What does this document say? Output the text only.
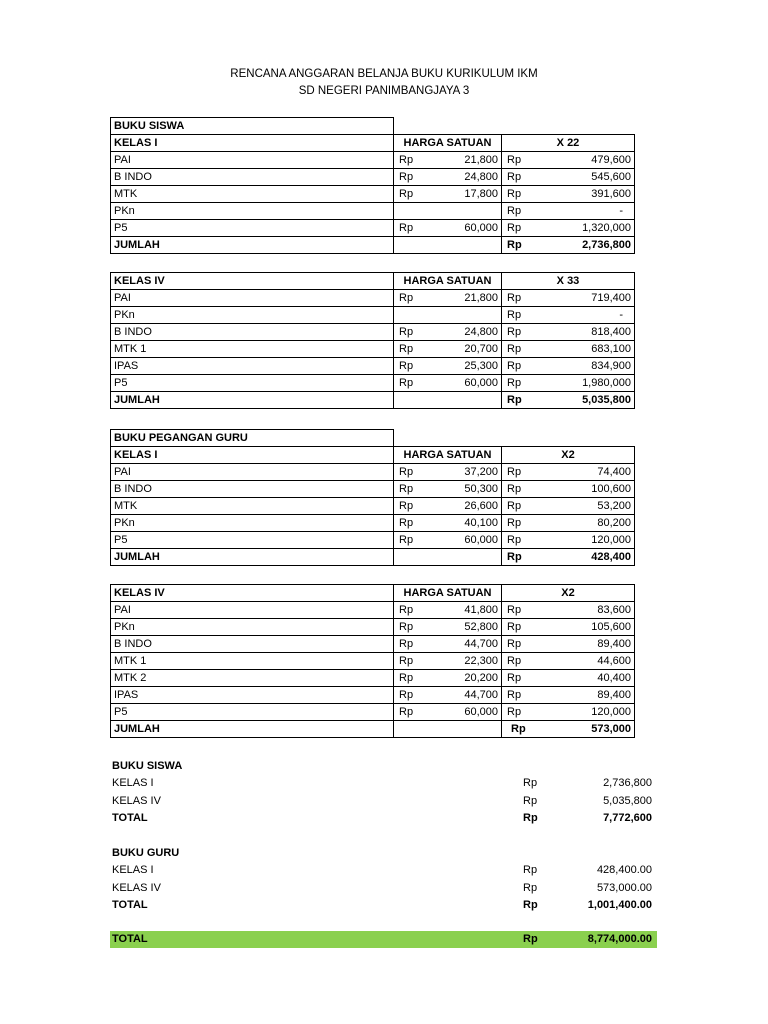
RENCANA ANGGARAN BELANJA BUKU KURIKULUM IKM
SD NEGERI PANIMBANGJAYA 3
BUKU SISWA		
KELAS I	HARGA SATUAN	X 22
PAI	Rp 21,800	Rp 479,600

B INDO	Rp 24,800	Rp 545,600

MTK	Rp 17,800	Rp 391,600

PKn		Rp -

P5	Rp 60,000	Rp 1,320,000

JUMLAH		Rp 2,736,800
KELAS IV	HARGA SATUAN	X 33
PAI	Rp 21,800	Rp 719,400

PKn		Rp -

B INDO	Rp 24,800	Rp 818,400

MTK 1	Rp 20,700	Rp 683,100

IPAS	Rp 25,300	Rp 834,900

P5	Rp 60,000	Rp 1,980,000

JUMLAH		Rp 5,035,800
BUKU PEGANGAN GURU		
KELAS I	HARGA SATUAN	X2
PAI	Rp 37,200	Rp 74,400

B INDO	Rp 50,300	Rp 100,600

MTK	Rp 26,600	Rp 53,200

PKn	Rp 40,100	Rp 80,200

P5	Rp 60,000	Rp 120,000

JUMLAH		Rp 428,400
KELAS IV	HARGA SATUAN	X2
PAI	Rp 41,800	Rp 83,600

PKn	Rp 52,800	Rp 105,600

B INDO	Rp 44,700	Rp 89,400

MTK 1	Rp 22,300	Rp 44,600

MTK 2	Rp 20,200	Rp 40,400

IPAS	Rp 44,700	Rp 89,400

P5	Rp 60,000	Rp 120,000

JUMLAH		Rp 573,000
BUKU SISWA
KELAS I	Rp	2,736,800
KELAS IV	Rp	5,035,800
TOTAL	Rp	7,772,600
BUKU GURU
KELAS I	Rp	428,400.00
KELAS IV	Rp	573,000.00
TOTAL	Rp	1,001,400.00
TOTAL	Rp	8,774,000.00
